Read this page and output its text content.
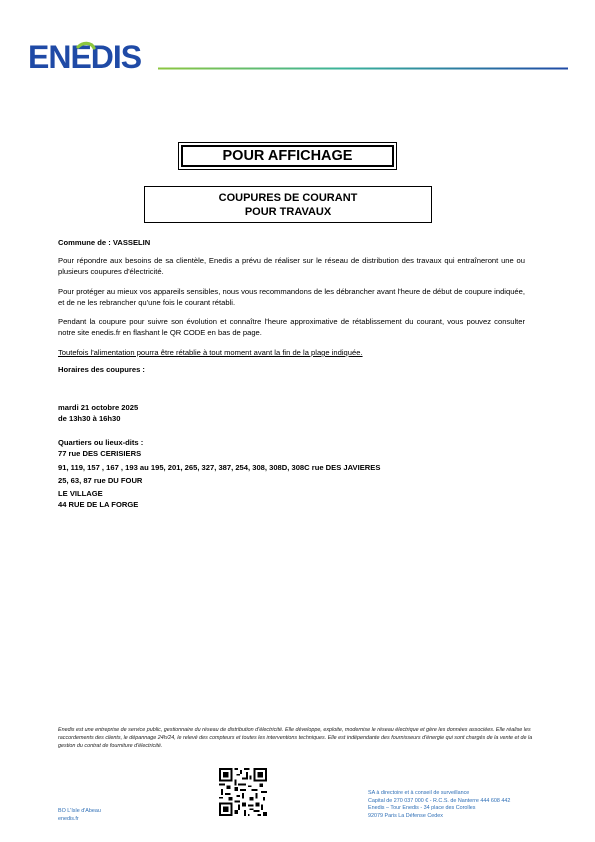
ENEDIS
POUR AFFICHAGE
COUPURES DE COURANT
POUR TRAVAUX
Commune de : VASSELIN
Pour répondre aux besoins de sa clientèle, Enedis a prévu de réaliser sur le réseau de distribution des travaux qui entraîneront une ou plusieurs coupures d'électricité.
Pour protéger au mieux vos appareils sensibles, nous vous recommandons de les débrancher avant l'heure de début de coupure indiquée, et de ne les rebrancher qu'une fois le courant rétabli.
Pendant la coupure pour suivre son évolution et connaître l'heure approximative de rétablissement du courant, vous pouvez consulter notre site enedis.fr en flashant le QR CODE en bas de page.
Toutefois l'alimentation pourra être rétablie à tout moment avant la fin de la plage indiquée.
Horaires des coupures :
mardi 21 octobre 2025
de 13h30 à 16h30
Quartiers ou lieux-dits :
77 rue DES CERISIERS
91, 119, 157 , 167 , 193 au 195, 201, 265, 327, 387, 254, 308, 308D, 308C rue DES JAVIERES
25, 63, 87 rue DU FOUR
LE VILLAGE
44 RUE DE LA FORGE
Enedis est une entreprise de service public, gestionnaire du réseau de distribution d'électricité. Elle développe, exploite, modernise le réseau électrique et gère les données associées. Elle réalise les raccordements des clients, le dépannage 24h/24, le relevé des compteurs et toutes les interventions techniques. Elle est indépendante des fournisseurs d'énergie qui sont chargés de la vente et de la gestion du contrat de fourniture d'électricité.
BO L'Isle d'Abeau
enedis.fr
SA à directoire et à conseil de surveillance
Capital de 270 037 000 € - R.C.S. de Nanterre 444 608 442
Enedis – Tour Enedis - 34 place des Corolles
92079 Paris La Défense Cedex
